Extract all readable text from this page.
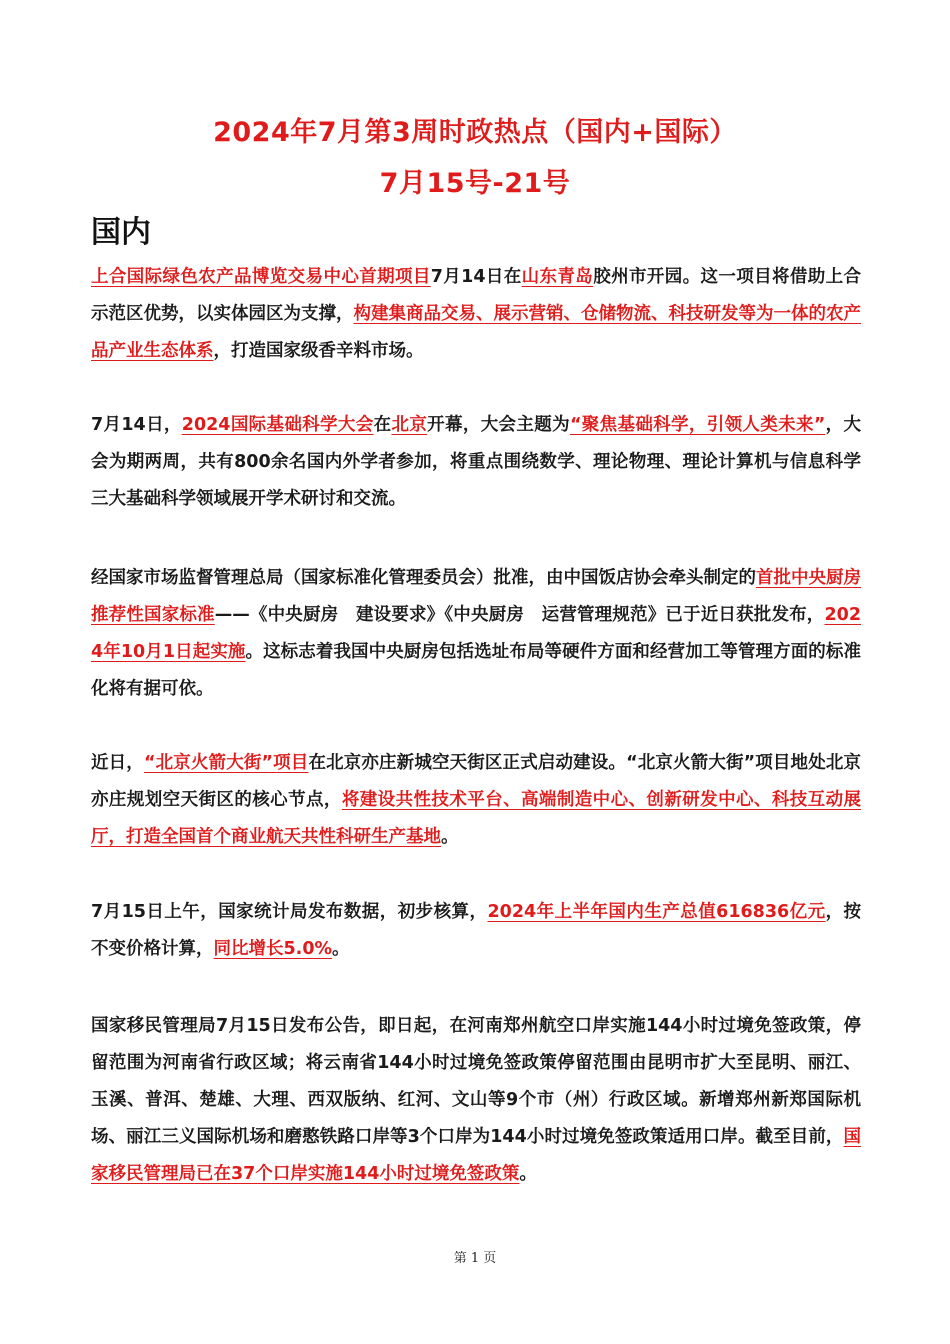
2024年7月第3周时政热点（国内+国际）
7月15号-21号
国内

上合国际绿色农产品博览交易中心首期项目7月14日在山东青岛胶州市开园。这一项目将借助上合示范区优势，以实体园区为支撑，构建集商品交易、展示营销、仓储物流、科技研发等为一体的农产品产业生态体系，打造国家级香辛料市场。

7月14日，2024国际基础科学大会在北京开幕，大会主题为“聚焦基础科学，引领人类未来”，大会为期两周，共有800余名国内外学者参加，将重点围绕数学、理论物理、理论计算机与信息科学三大基础科学领域展开学术研讨和交流。

经国家市场监督管理总局（国家标准化管理委员会）批准，由中国饭店协会牵头制定的首批中央厨房推荐性国家标准——《中央厨房　建设要求》《中央厨房　运营管理规范》已于近日获批发布，2024年10月1日起实施。这标志着我国中央厨房包括选址布局等硬件方面和经营加工等管理方面的标准化将有据可依。

近日，“北京火箭大街”项目在北京亦庄新城空天街区正式启动建设。“北京火箭大街”项目地处北京亦庄规划空天街区的核心节点，将建设共性技术平台、高端制造中心、创新研发中心、科技互动展厅，打造全国首个商业航天共性科研生产基地。

7月15日上午，国家统计局发布数据，初步核算，2024年上半年国内生产总值616836亿元，按不变价格计算，同比增长5.0%。

国家移民管理局7月15日发布公告，即日起，在河南郑州航空口岸实施144小时过境免签政策，停留范围为河南省行政区域；将云南省144小时过境免签政策停留范围由昆明市扩大至昆明、丽江、玉溪、普洱、楚雄、大理、西双版纳、红河、文山等9个市（州）行政区域。新增郑州新郑国际机场、丽江三义国际机场和磨憨铁路口岸等3个口岸为144小时过境免签政策适用口岸。截至目前，国家移民管理局已在37个口岸实施144小时过境免签政策。

第 1 页
